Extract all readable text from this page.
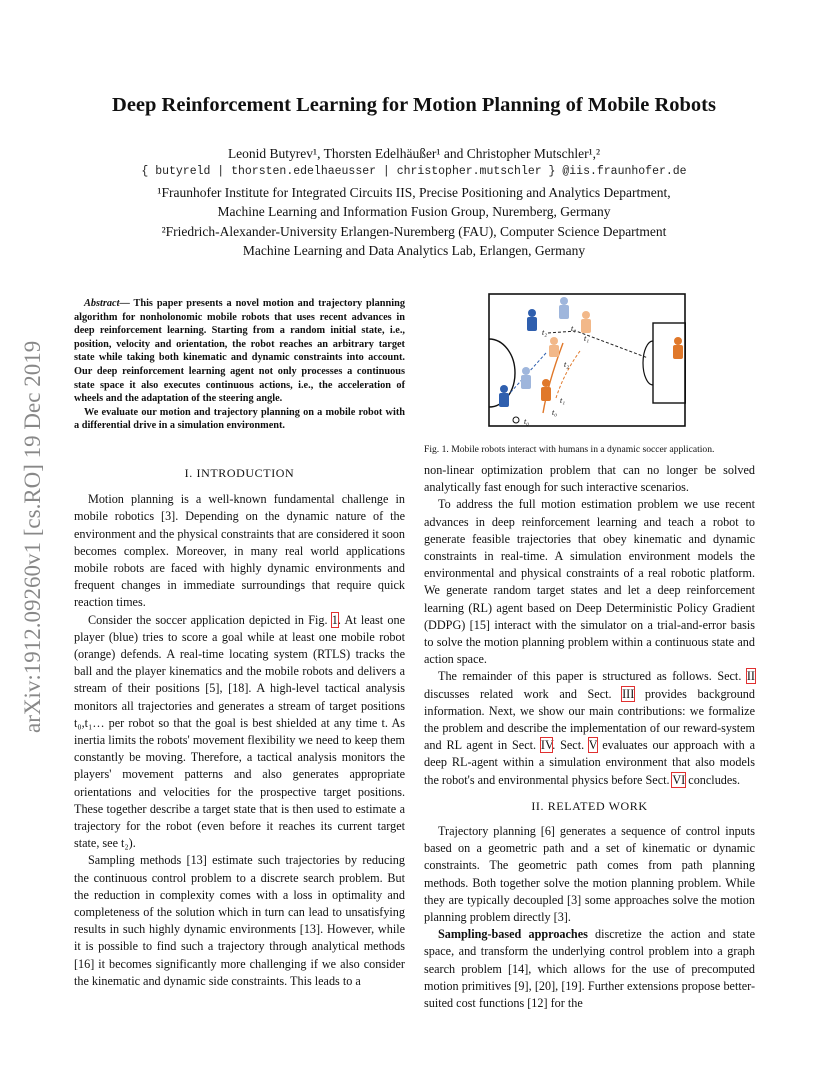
Deep Reinforcement Learning for Motion Planning of Mobile Robots
Leonid Butyrev¹, Thorsten Edelhäußer¹ and Christopher Mutschler¹,²
{ butyreld | thorsten.edelhaeusser | christopher.mutschler } @iis.fraunhofer.de
¹Fraunhofer Institute for Integrated Circuits IIS, Precise Positioning and Analytics Department,
Machine Learning and Information Fusion Group, Nuremberg, Germany
²Friedrich-Alexander-University Erlangen-Nuremberg (FAU), Computer Science Department
Machine Learning and Data Analytics Lab, Erlangen, Germany
arXiv:1912.09260v1 [cs.RO] 19 Dec 2019

Abstract— This paper presents a novel motion and trajectory planning algorithm for nonholonomic mobile robots that uses recent advances in deep reinforcement learning. Starting from a random initial state, i.e., position, velocity and orientation, the robot reaches an arbitrary target state while taking both kinematic and dynamic constraints into account. Our deep reinforcement learning agent not only processes a continuous state space it also executes continuous actions, i.e., the acceleration of wheels and the adaptation of the steering angle.

We evaluate our motion and trajectory planning on a mobile robot with a differential drive in a simulation environment.

I. INTRODUCTION

Motion planning is a well-known fundamental challenge in mobile robotics [3]. Depending on the dynamic nature of the environment and the physical constraints that are considered it soon becomes complex. Moreover, in many real world applications mobile robots are faced with highly dynamic environments and frequent changes in immediate surroundings that require quick reaction times.

Consider the soccer application depicted in Fig. 1. At least one player (blue) tries to score a goal while at least one mobile robot (orange) defends. A real-time locating system (RTLS) tracks the ball and the player kinematics and the mobile robots and delivers a stream of their positions [5], [18]. A high-level tactical analysis monitors all trajectories and generates a stream of target positions t₀,t₁… per robot so that the goal is best shielded at any time t. As inertia limits the robots' movement flexibility we need to keep them constantly be moving. Therefore, a tactical analysis monitors the players' movement patterns and also generates appropriate orientations and velocities for the prospective target positions. These together describe a target state that is then used to estimate a trajectory for the robot (even before it reaches its current target state, see t₂).

Sampling methods [13] estimate such trajectories by reducing the continuous control problem to a discrete search problem. But the reduction in complexity comes with a loss in optimality and completeness of the solution which in turn can lead to unsatisfying results in such highly dynamic environments [13]. However, while it is possible to find such a trajectory through analytical methods [16] it becomes significantly more challenging if we also consider the kinematic and dynamic side constraints. This leads to a

t₂	t₁
t₁
t₂
t₁
t₀
t₀
Fig. 1. Mobile robots interact with humans in a dynamic soccer application.

non-linear optimization problem that can no longer be solved analytically fast enough for such interactive scenarios.

To address the full motion estimation problem we use recent advances in deep reinforcement learning and teach a robot to generate feasible trajectories that obey kinematic and dynamic constraints in real-time. A simulation environment models the environmental and physical constraints of a real robotic platform. We generate random target states and let a deep reinforcement learning (RL) agent based on Deep Deterministic Policy Gradient (DDPG) [15] interact with the simulator on a trial-and-error basis to solve the motion planning problem within a continuous state and action space.

The remainder of this paper is structured as follows. Sect. II discusses related work and Sect. III provides background information. Next, we show our main contributions: we formalize the problem and describe the implementation of our reward-system and RL agent in Sect. IV. Sect. V evaluates our approach with a deep RL-agent within a simulation environment that also models the robot's and environmental physics before Sect. VI concludes.

II. RELATED WORK

Trajectory planning [6] generates a sequence of control inputs based on a geometric path and a set of kinematic or dynamic constraints. The geometric path comes from path planning methods. Both together solve the motion planning problem. While they are typically decoupled [3] some approaches solve the motion planning problem directly [3].

Sampling-based approaches discretize the action and state space, and transform the underlying control problem into a graph search problem [14], which allows for the use of precomputed motion primitives [9], [20], [19]. Further extensions propose better-suited cost functions [12] for the
